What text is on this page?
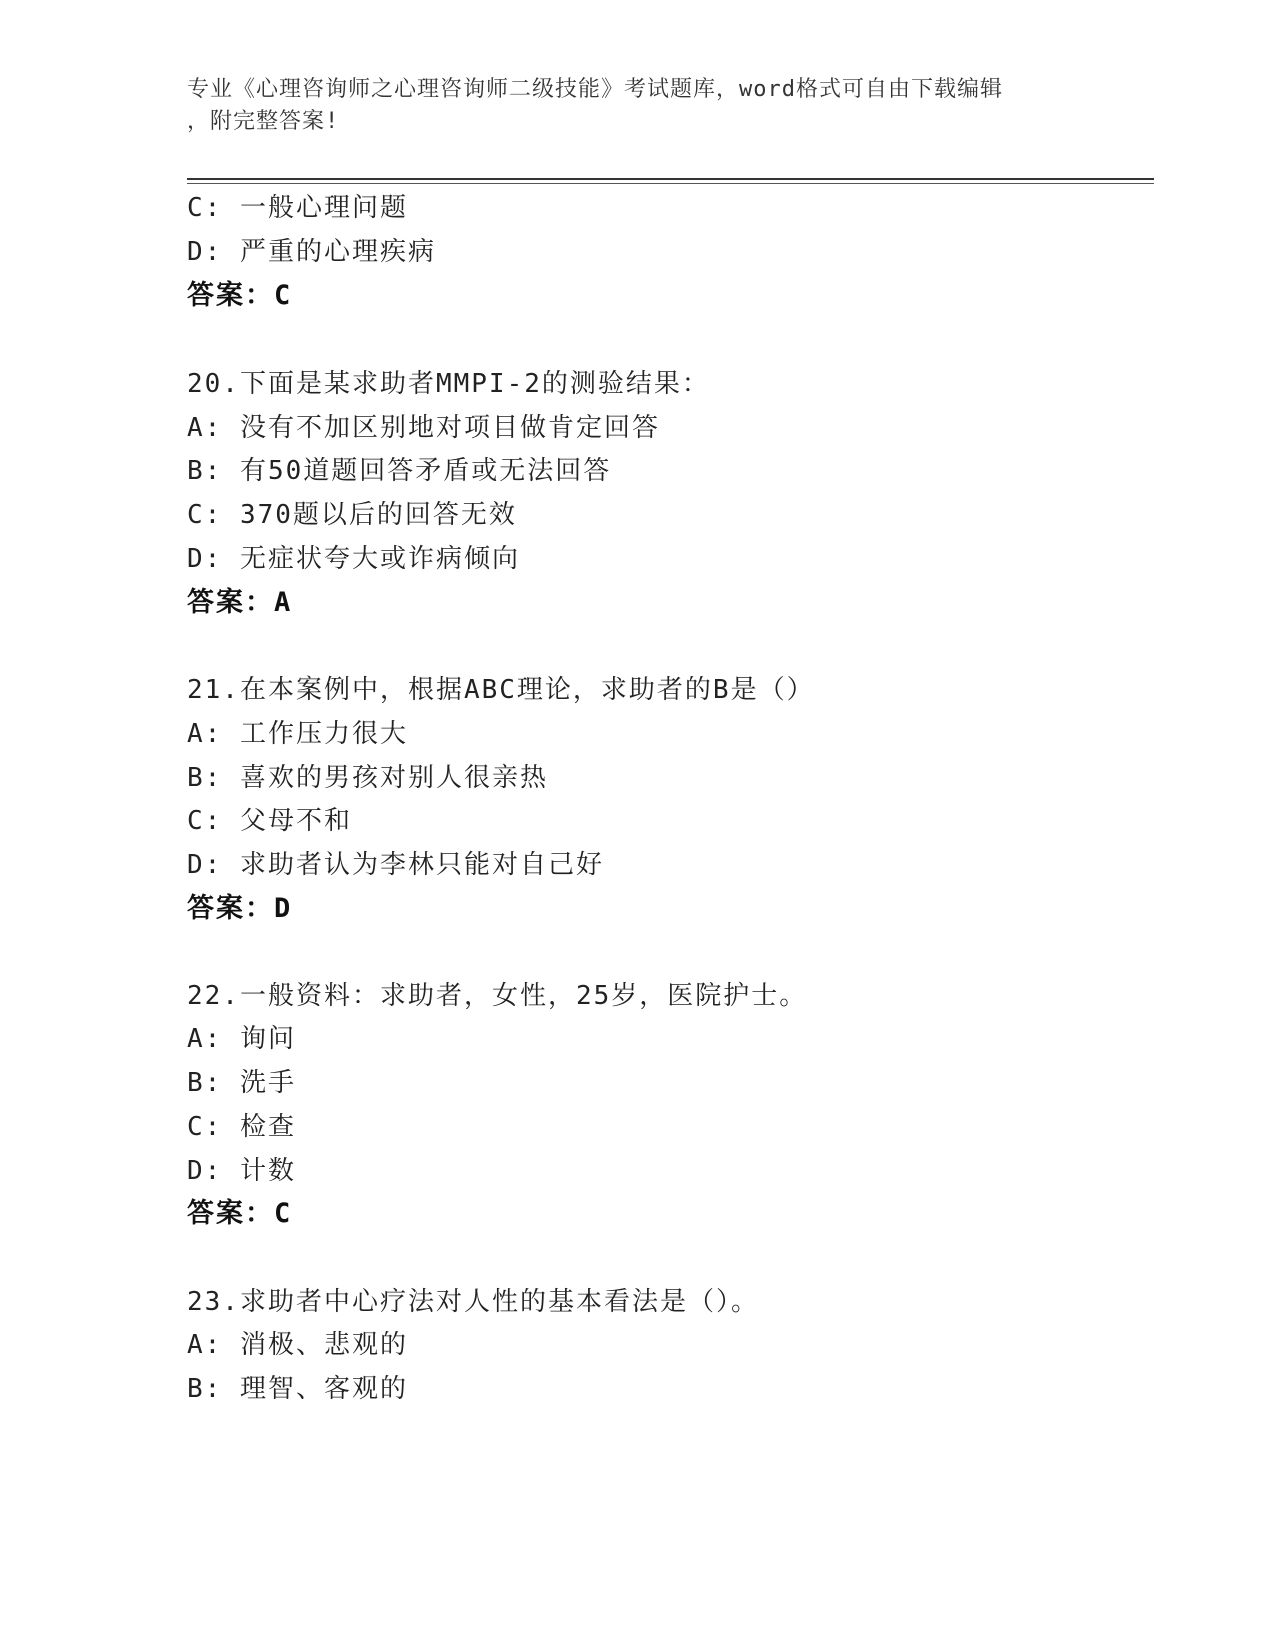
专业《心理咨询师之心理咨询师二级技能》考试题库，word格式可自由下载编辑
，附完整答案!
C: 一般心理问题
D: 严重的心理疾病
答案：C
20.下面是某求助者MMPI-2的测验结果：
A: 没有不加区别地对项目做肯定回答
B: 有50道题回答矛盾或无法回答
C: 370题以后的回答无效
D: 无症状夸大或诈病倾向
答案：A
21.在本案例中，根据ABC理论，求助者的B是（）
A: 工作压力很大
B: 喜欢的男孩对别人很亲热
C: 父母不和
D: 求助者认为李林只能对自己好
答案：D
22.一般资料：求助者，女性，25岁，医院护士。
A: 询问
B: 洗手
C: 检查
D: 计数
答案：C
23.求助者中心疗法对人性的基本看法是（）。
A: 消极、悲观的
B: 理智、客观的
